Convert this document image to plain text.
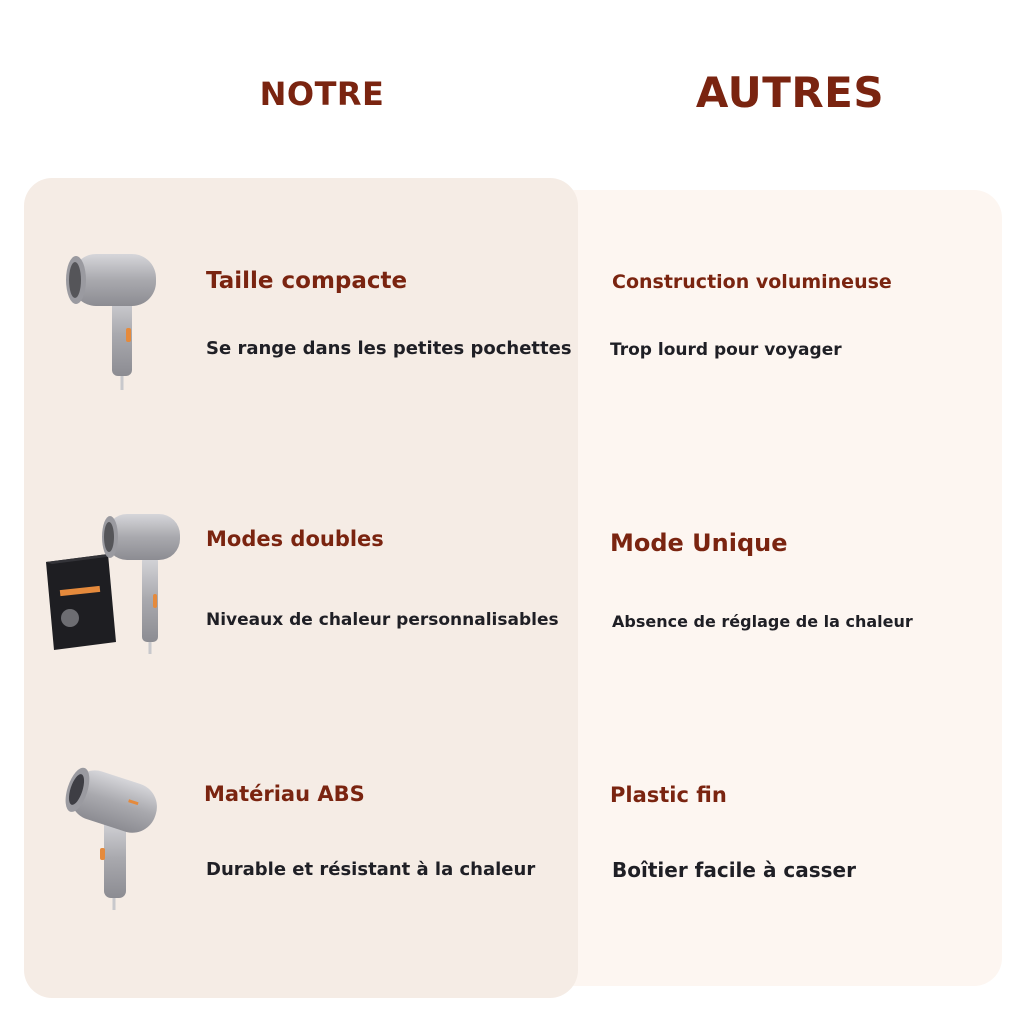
NOTRE	AUTRES
Taille compacte
Se range dans les petites pochettes
Modes doubles
Niveaux de chaleur personnalisables
Matériau ABS
Durable et résistant à la chaleur
Construction volumineuse
Trop lourd pour voyager
Mode Unique
Absence de réglage de la chaleur
Plastic fin
Boîtier facile à casser
